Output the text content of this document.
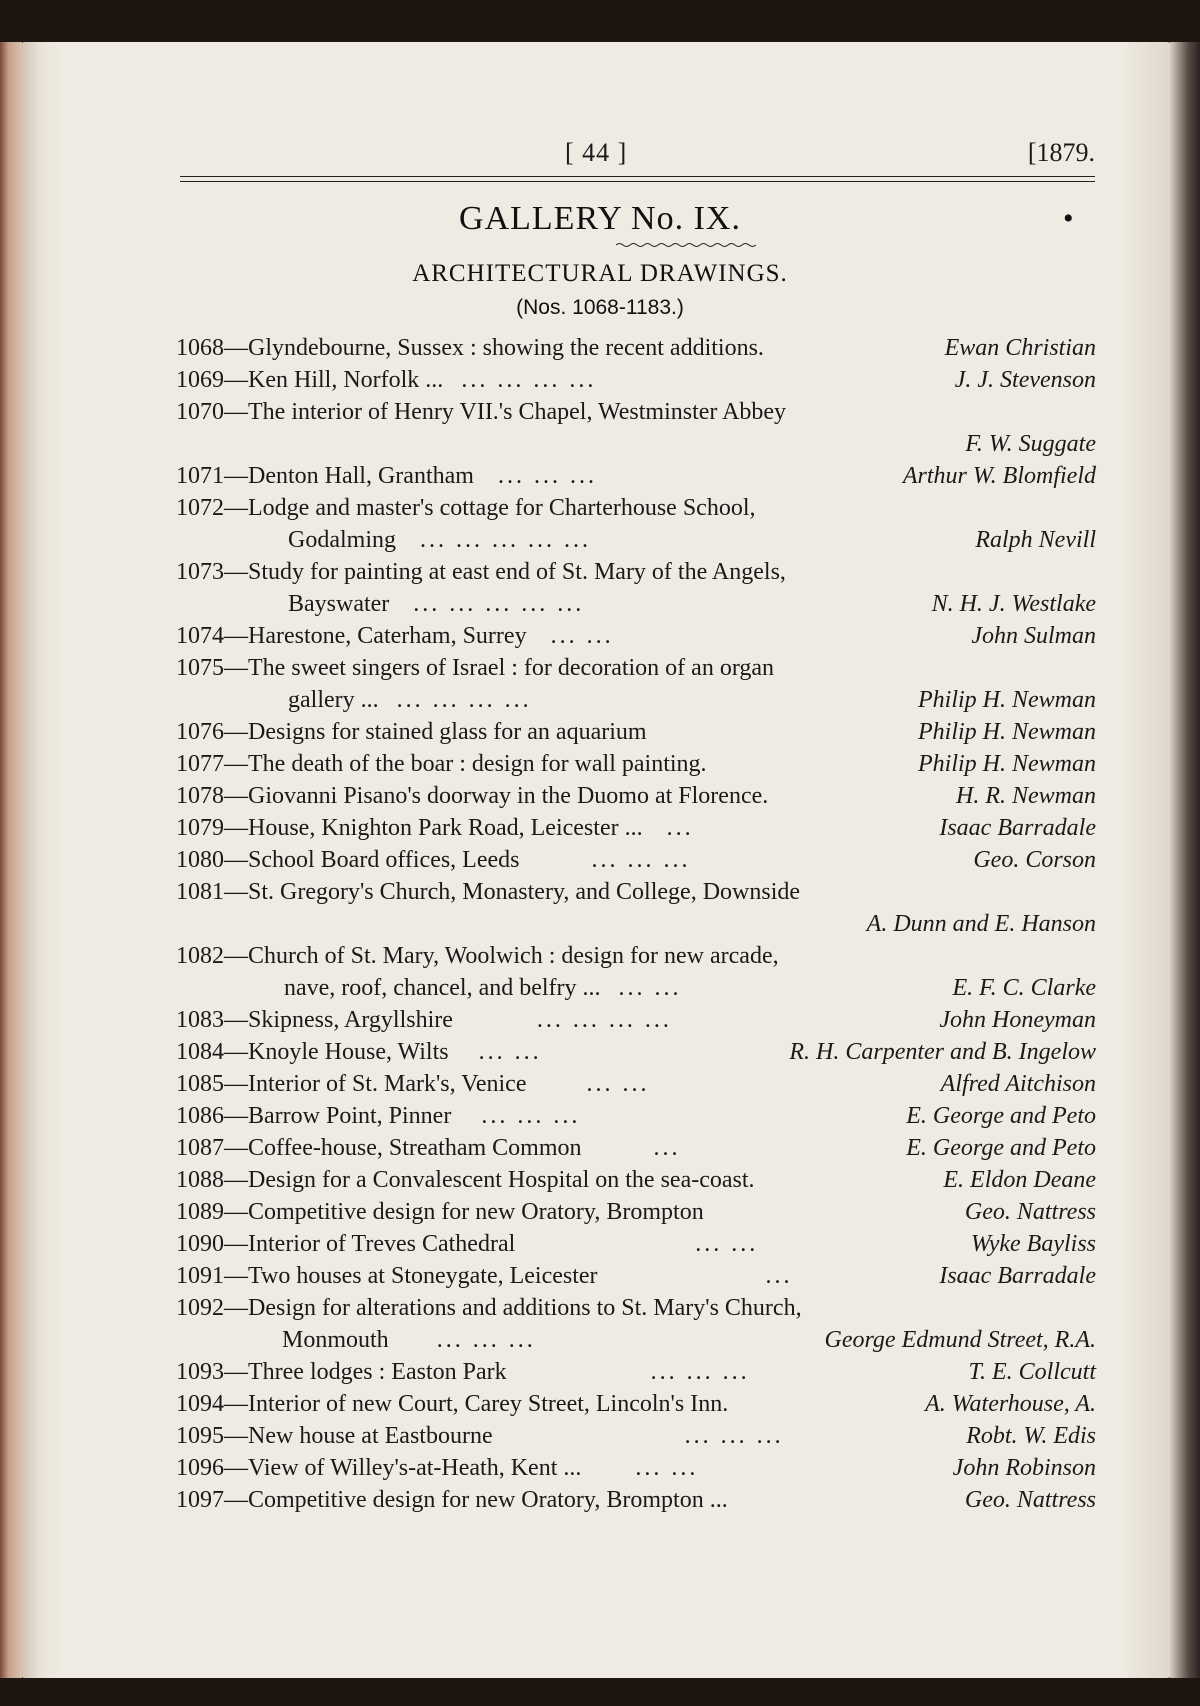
[ 44 ]	[1879.
GALLERY No. IX.	•
ARCHITECTURAL DRAWINGS.
(Nos. 1068-1183.)
1068—Glyndebourne, Sussex : showing the recent additions.	Ewan Christian
1069—Ken Hill, Norfolk ... ... ... ... ...	J. J. Stevenson
1070—The interior of Henry VII.'s Chapel, Westminster Abbey
F. W. Suggate
1071—Denton Hall, Grantham ... ... ...	Arthur W. Blomfield
1072—Lodge and master's cottage for Charterhouse School,
Godalming ... ... ... ... ...	Ralph Nevill
1073—Study for painting at east end of St. Mary of the Angels,
Bayswater ... ... ... ... ...	N. H. J. Westlake
1074—Harestone, Caterham, Surrey ... ...	John Sulman
1075—The sweet singers of Israel : for decoration of an organ
gallery ... ... ... ... ...	Philip H. Newman
1076—Designs for stained glass for an aquarium	Philip H. Newman
1077—The death of the boar : design for wall painting.	Philip H. Newman
1078—Giovanni Pisano's doorway in the Duomo at Florence.	H. R. Newman
1079—House, Knighton Park Road, Leicester ... ...	Isaac Barradale
1080—School Board offices, Leeds	... ... ...	Geo. Corson
1081—St. Gregory's Church, Monastery, and College, Downside
A. Dunn and E. Hanson
1082—Church of St. Mary, Woolwich : design for new arcade,
nave, roof, chancel, and belfry ... ... ...	E. F. C. Clarke
1083—Skipness, Argyllshire	... ... ... ...	John Honeyman
1084—Knoyle House, Wilts ... ...	R. H. Carpenter and B. Ingelow
1085—Interior of St. Mark's, Venice	... ...	Alfred Aitchison
1086—Barrow Point, Pinner ... ... ...	E. George and Peto
1087—Coffee-house, Streatham Common	...	E. George and Peto
1088—Design for a Convalescent Hospital on the sea-coast.	E. Eldon Deane
1089—Competitive design for new Oratory, Brompton	Geo. Nattress
1090—Interior of Treves Cathedral	... ...	Wyke Bayliss
1091—Two houses at Stoneygate, Leicester	...	Isaac Barradale
1092—Design for alterations and additions to St. Mary's Church,
Monmouth ... ... ...	George Edmund Street, R.A.
1093—Three lodges : Easton Park	... ... ...	T. E. Collcutt
1094—Interior of new Court, Carey Street, Lincoln's Inn.	A. Waterhouse, A.
1095—New house at Eastbourne	... ... ...	Robt. W. Edis
1096—View of Willey's-at-Heath, Kent ... ... ...	John Robinson
1097—Competitive design for new Oratory, Brompton ...	Geo. Nattress
